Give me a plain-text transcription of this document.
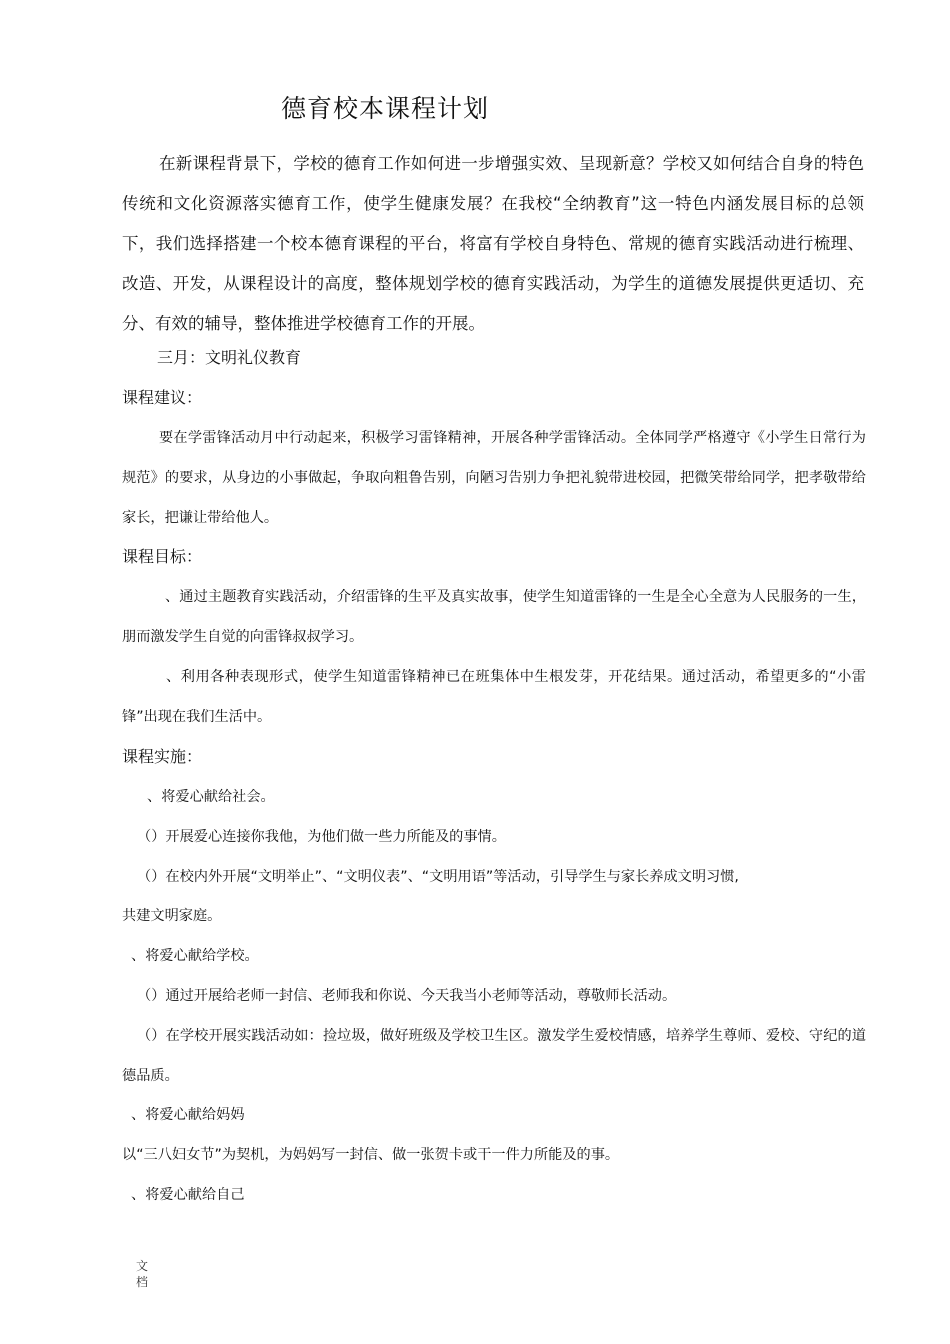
德育校本课程计划

在新课程背景下，学校的德育工作如何进一步增强实效、呈现新意？学校又如何结合自身的特色传统和文化资源落实德育工作，使学生健康发展？在我校“全纳教育”这一特色内涵发展目标的总领下，我们选择搭建一个校本德育课程的平台，将富有学校自身特色、常规的德育实践活动进行梳理、改造、开发，从课程设计的高度，整体规划学校的德育实践活动，为学生的道德发展提供更适切、充分、有效的辅导，整体推进学校德育工作的开展。

三月：文明礼仪教育

课程建议：

要在学雷锋活动月中行动起来，积极学习雷锋精神，开展各种学雷锋活动。全体同学严格遵守《小学生日常行为规范》的要求，从身边的小事做起，争取向粗鲁告别，向陋习告别力争把礼貌带进校园，把微笑带给同学，把孝敬带给家长，把谦让带给他人。

课程目标：

、通过主题教育实践活动，介绍雷锋的生平及真实故事，使学生知道雷锋的一生是全心全意为人民服务的一生，朋而激发学生自觉的向雷锋叔叔学习。

、利用各种表现形式，使学生知道雷锋精神已在班集体中生根发芽，开花结果。通过活动，希望更多的“小雷锋”出现在我们生活中。

课程实施：

、将爱心献给社会。

（）开展爱心连接你我他，为他们做一些力所能及的事情。

（）在校内外开展“文明举止”、“文明仪表”、“文明用语”等活动，引导学生与家长养成文明习惯,

共建文明家庭。

、将爱心献给学校。

（）通过开展给老师一封信、老师我和你说、今天我当小老师等活动，尊敬师长活动。

（）在学校开展实践活动如：捡垃圾，做好班级及学校卫生区。激发学生爱校情感，培养学生尊师、爱校、守纪的道德品质。

、将爱心献给妈妈

以“三八妇女节”为契机，为妈妈写一封信、做一张贺卡或干一件力所能及的事。

、将爱心献给自己

文档
